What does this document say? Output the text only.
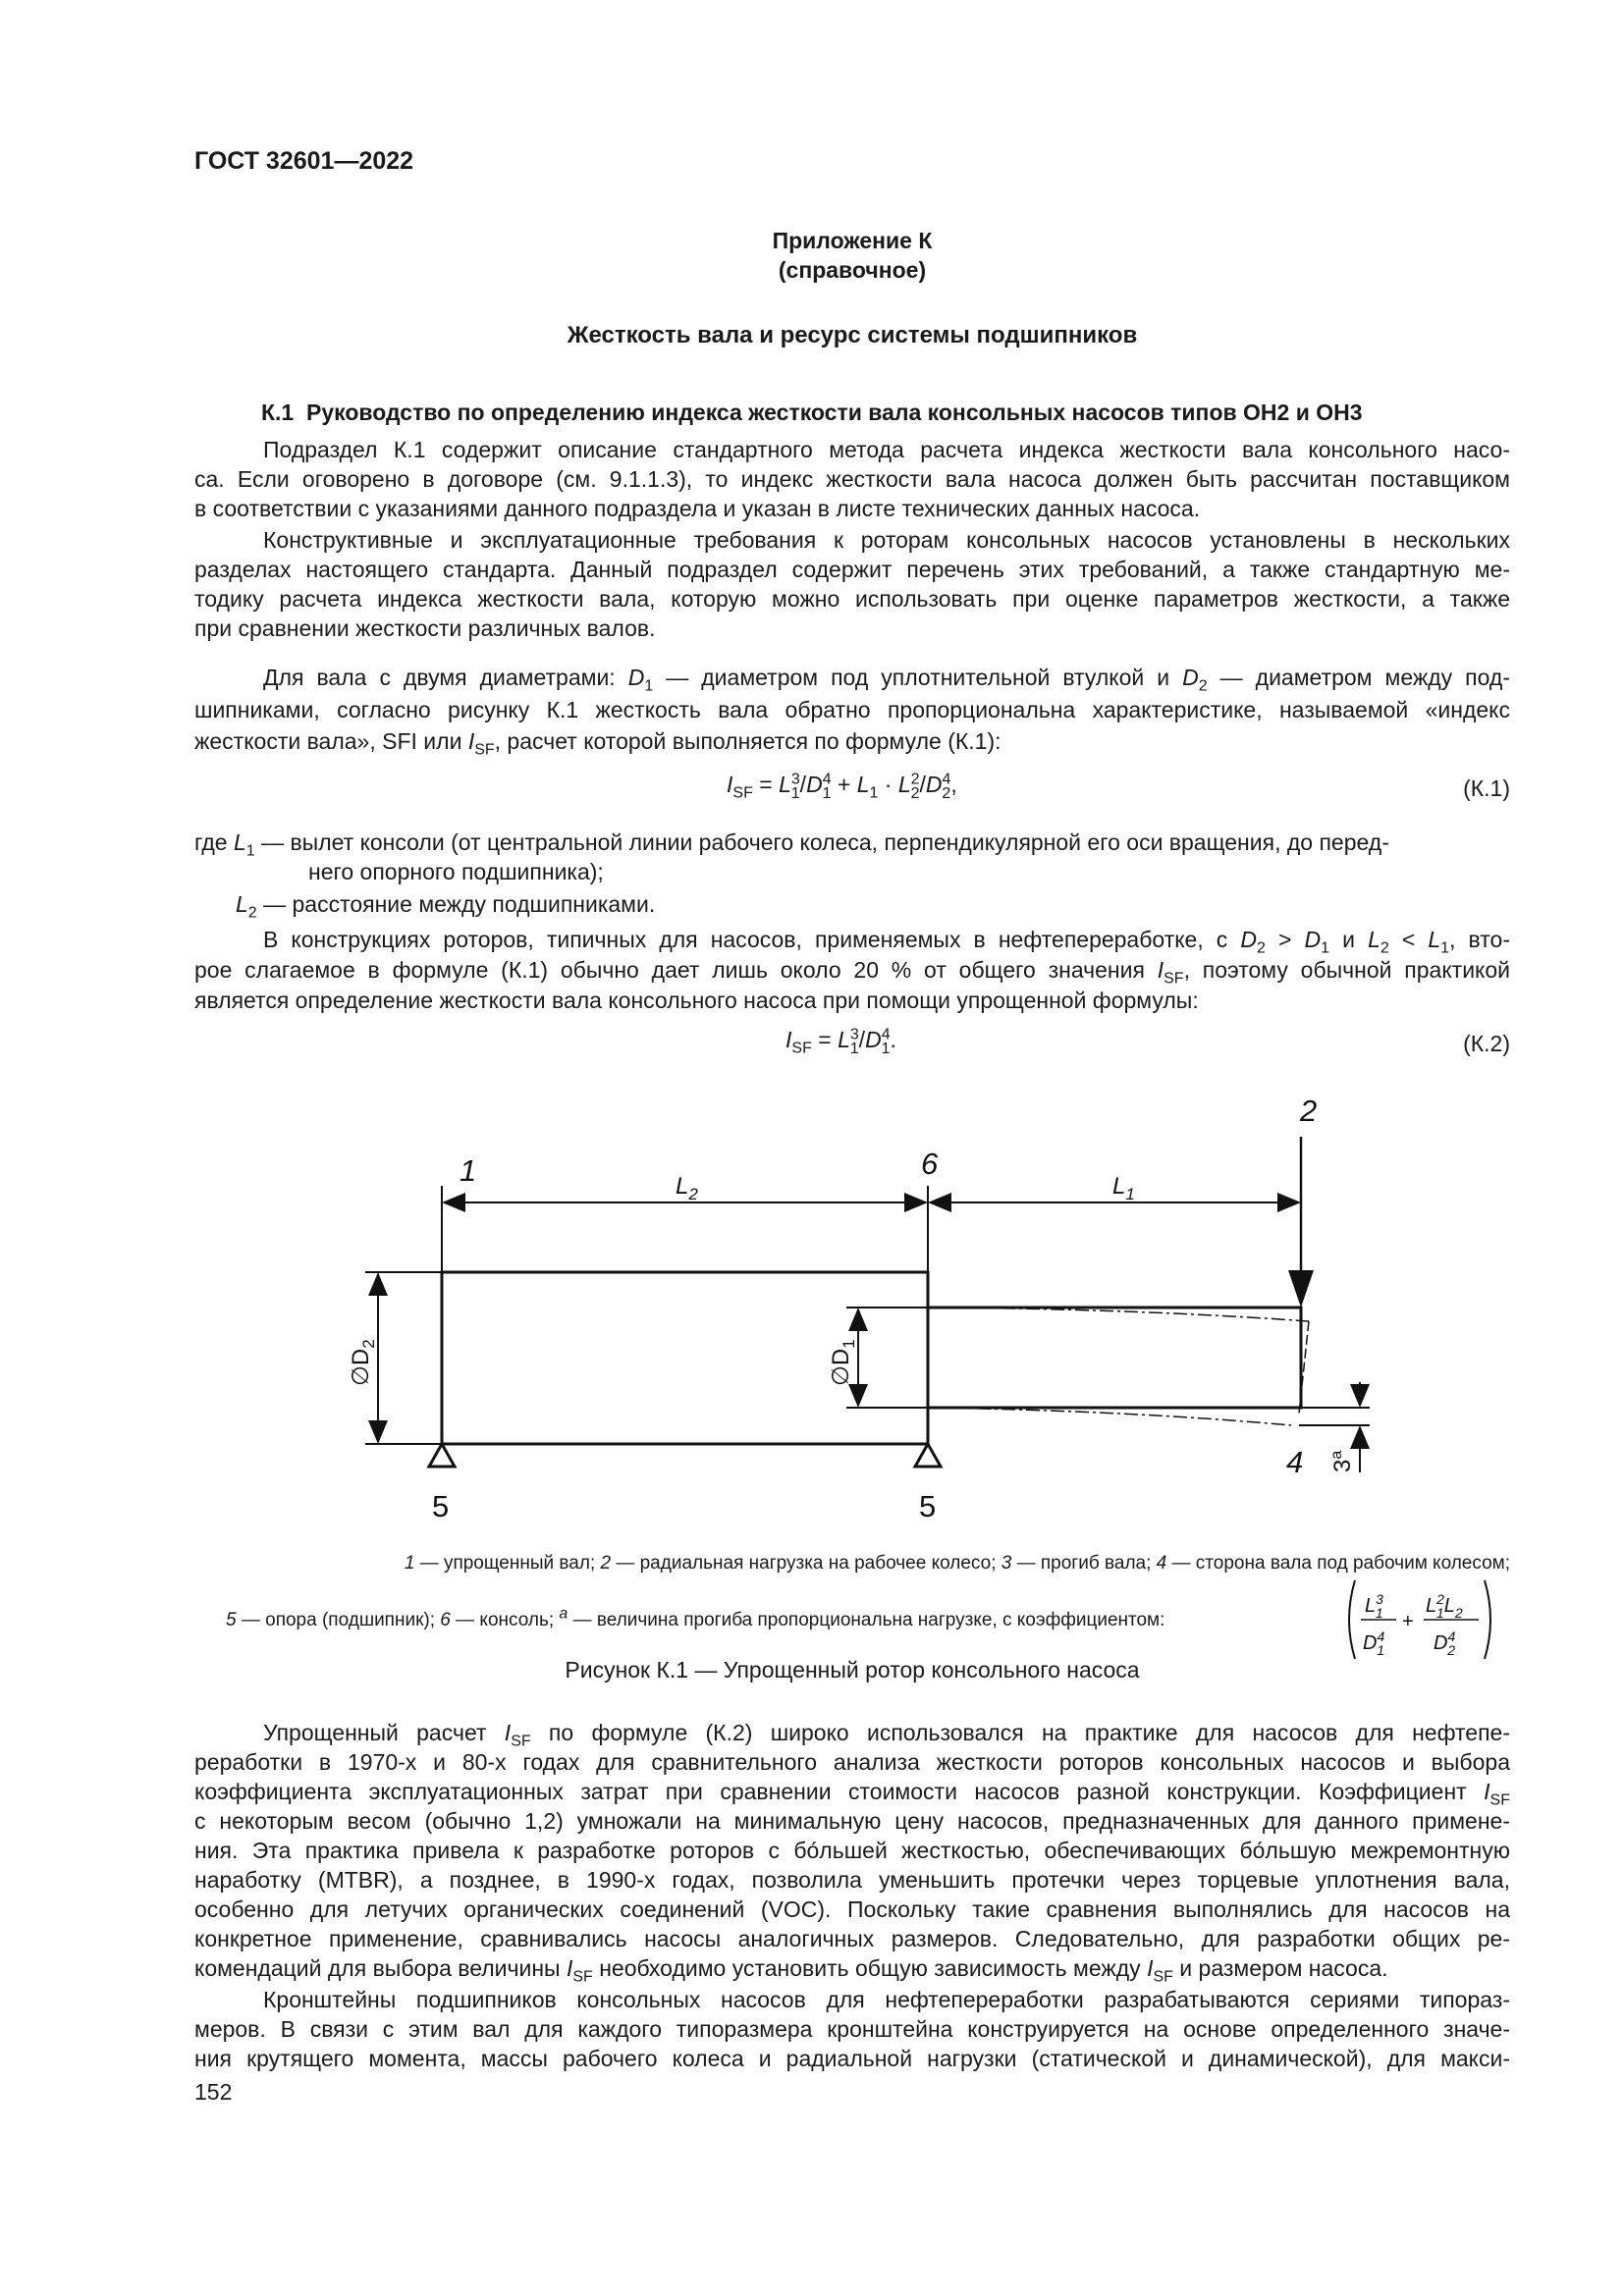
ГОСТ 32601—2022
Приложение К
(справочное)
Жесткость вала и ресурс системы подшипников
К.1 Руководство по определению индекса жесткости вала консольных насосов типов ОН2 и ОН3
Подраздел К.1 содержит описание стандартного метода расчета индекса жесткости вала консольного насо-
са. Если оговорено в договоре (см. 9.1.1.3), то индекс жесткости вала насоса должен быть рассчитан поставщиком
в соответствии с указаниями данного подраздела и указан в листе технических данных насоса.
Конструктивные и эксплуатационные требования к роторам консольных насосов установлены в нескольких
разделах настоящего стандарта. Данный подраздел содержит перечень этих требований, а также стандартную ме-
тодику расчета индекса жесткости вала, которую можно использовать при оценке параметров жесткости, а также
при сравнении жесткости различных валов.
Для вала с двумя диаметрами: $D_1$ — диаметром под уплотнительной втулкой и $D_2$ — диаметром между под-
шипниками, согласно рисунку К.1 жесткость вала обратно пропорциональна характеристике, называемой «индекс
жесткости вала», SFI или $I_{SF}$, расчет которой выполняется по формуле (К.1):
$I_{SF} = L^3_1/D^4_1 + L_1 \cdot L^2_2/D^4_2$,	(К.1)
где $L_1$ — вылет консоли (от центральной линии рабочего колеса, перпендикулярной его оси вращения, до перед-
него опорного подшипника);
$L_2$ — расстояние между подшипниками.
В конструкциях роторов, типичных для насосов, применяемых в нефтепереработке, с $D_2 > D_1$ и $L_2 < L_1$, вто-
рое слагаемое в формуле (К.1) обычно дает лишь около 20 % от общего значения $I_{SF}$, поэтому обычной практикой
является определение жесткости вала консольного насоса при помощи упрощенной формулы:
$I_{SF} = L^3_1/D^4_1$.	(К.2)
1
2
6
4
5	5
$L_2$	$L_1$
$\emptyset D_2$
$\emptyset D_1$
$3^а$
1 — упрощенный вал; 2 — радиальная нагрузка на рабочее колесо; 3 — прогиб вала; 4 — сторона вала под рабочим колесом;
5 — опора (подшипник); 6 — консоль; $^а$ — величина прогиба пропорциональна нагрузке, с коэффициентом:
$L^3$ 1
$D^4$ 1
+
$L^2$ $1L_2$
$D^4$ 2
Рисунок К.1 — Упрощенный ротор консольного насоса
Упрощенный расчет $I_{SF}$ по формуле (К.2) широко использовался на практике для насосов для нефтепе-
реработки в 1970-х и 80-х годах для сравнительного анализа жесткости роторов консольных насосов и выбора
коэффициента эксплуатационных затрат при сравнении стоимости насосов разной конструкции. Коэффициент $I_{SF}$
с некоторым весом (обычно 1,2) умножали на минимальную цену насосов, предназначенных для данного примене-
ния. Эта практика привела к разработке роторов с бо́льшей жесткостью, обеспечивающих бо́льшую межремонтную
наработку (MTBR), а позднее, в 1990-х годах, позволила уменьшить протечки через торцевые уплотнения вала,
особенно для летучих органических соединений (VOC). Поскольку такие сравнения выполнялись для насосов на
конкретное применение, сравнивались насосы аналогичных размеров. Следовательно, для разработки общих ре-
комендаций для выбора величины $I_{SF}$ необходимо установить общую зависимость между $I_{SF}$ и размером насоса.
Кронштейны подшипников консольных насосов для нефтепереработки разрабатываются сериями типораз-
меров. В связи с этим вал для каждого типоразмера кронштейна конструируется на основе определенного значе-
ния крутящего момента, массы рабочего колеса и радиальной нагрузки (статической и динамической), для макси-
152
